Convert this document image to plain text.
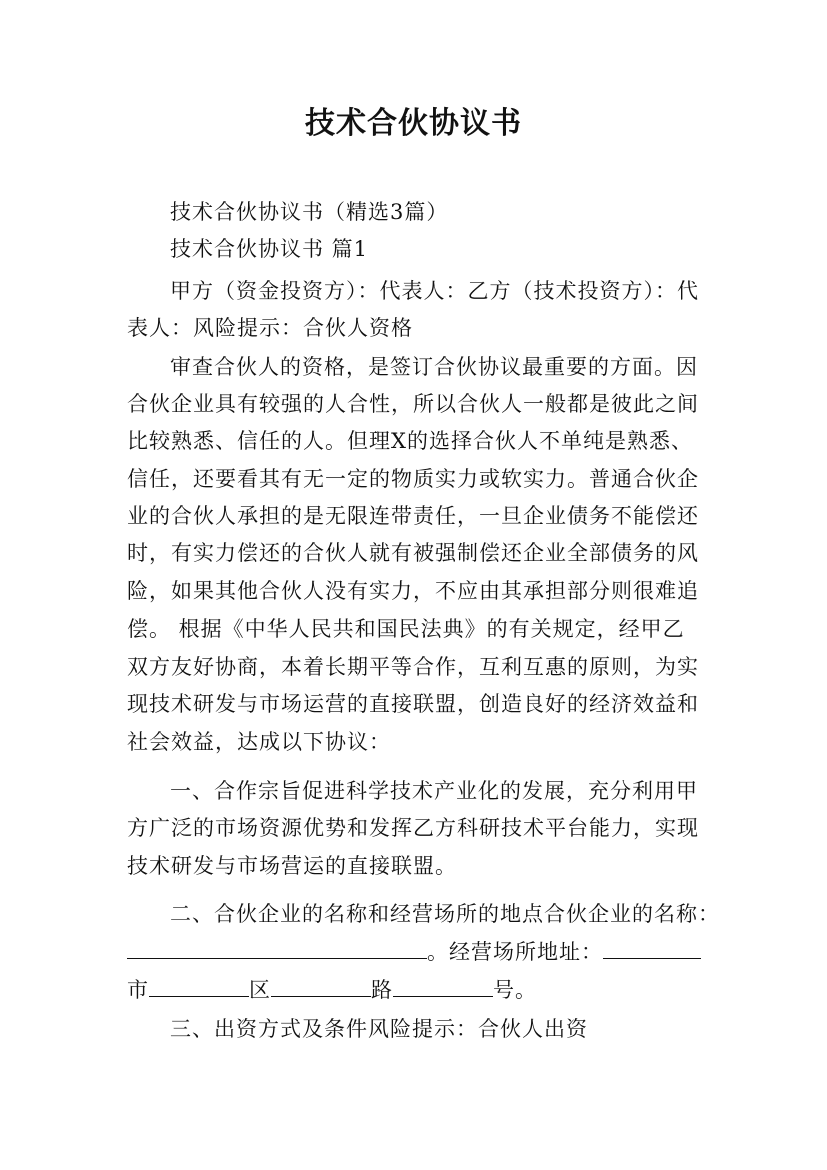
技术合伙协议书
技术合伙协议书（精选3篇）
技术合伙协议书 篇1
甲方（资金投资方）：代表人：乙方（技术投资方）：代
表人：风险提示：合伙人资格
审查合伙人的资格，是签订合伙协议最重要的方面。因
合伙企业具有较强的人合性，所以合伙人一般都是彼此之间
比较熟悉、信任的人。但理X的选择合伙人不单纯是熟悉、
信任，还要看其有无一定的物质实力或软实力。普通合伙企
业的合伙人承担的是无限连带责任，一旦企业债务不能偿还
时，有实力偿还的合伙人就有被强制偿还企业全部债务的风
险，如果其他合伙人没有实力，不应由其承担部分则很难追
偿。 根据《中华人民共和国民法典》的有关规定，经甲乙
双方友好协商，本着长期平等合作，互利互惠的原则，为实
现技术研发与市场运营的直接联盟，创造良好的经济效益和
社会效益，达成以下协议：
一、合作宗旨促进科学技术产业化的发展，充分利用甲
方广泛的市场资源优势和发挥乙方科研技术平台能力，实现
技术研发与市场营运的直接联盟。
二、合伙企业的名称和经营场所的地点合伙企业的名称：
。经营场所地址：
市	区	路	号。
三、出资方式及条件风险提示：合伙人出资
